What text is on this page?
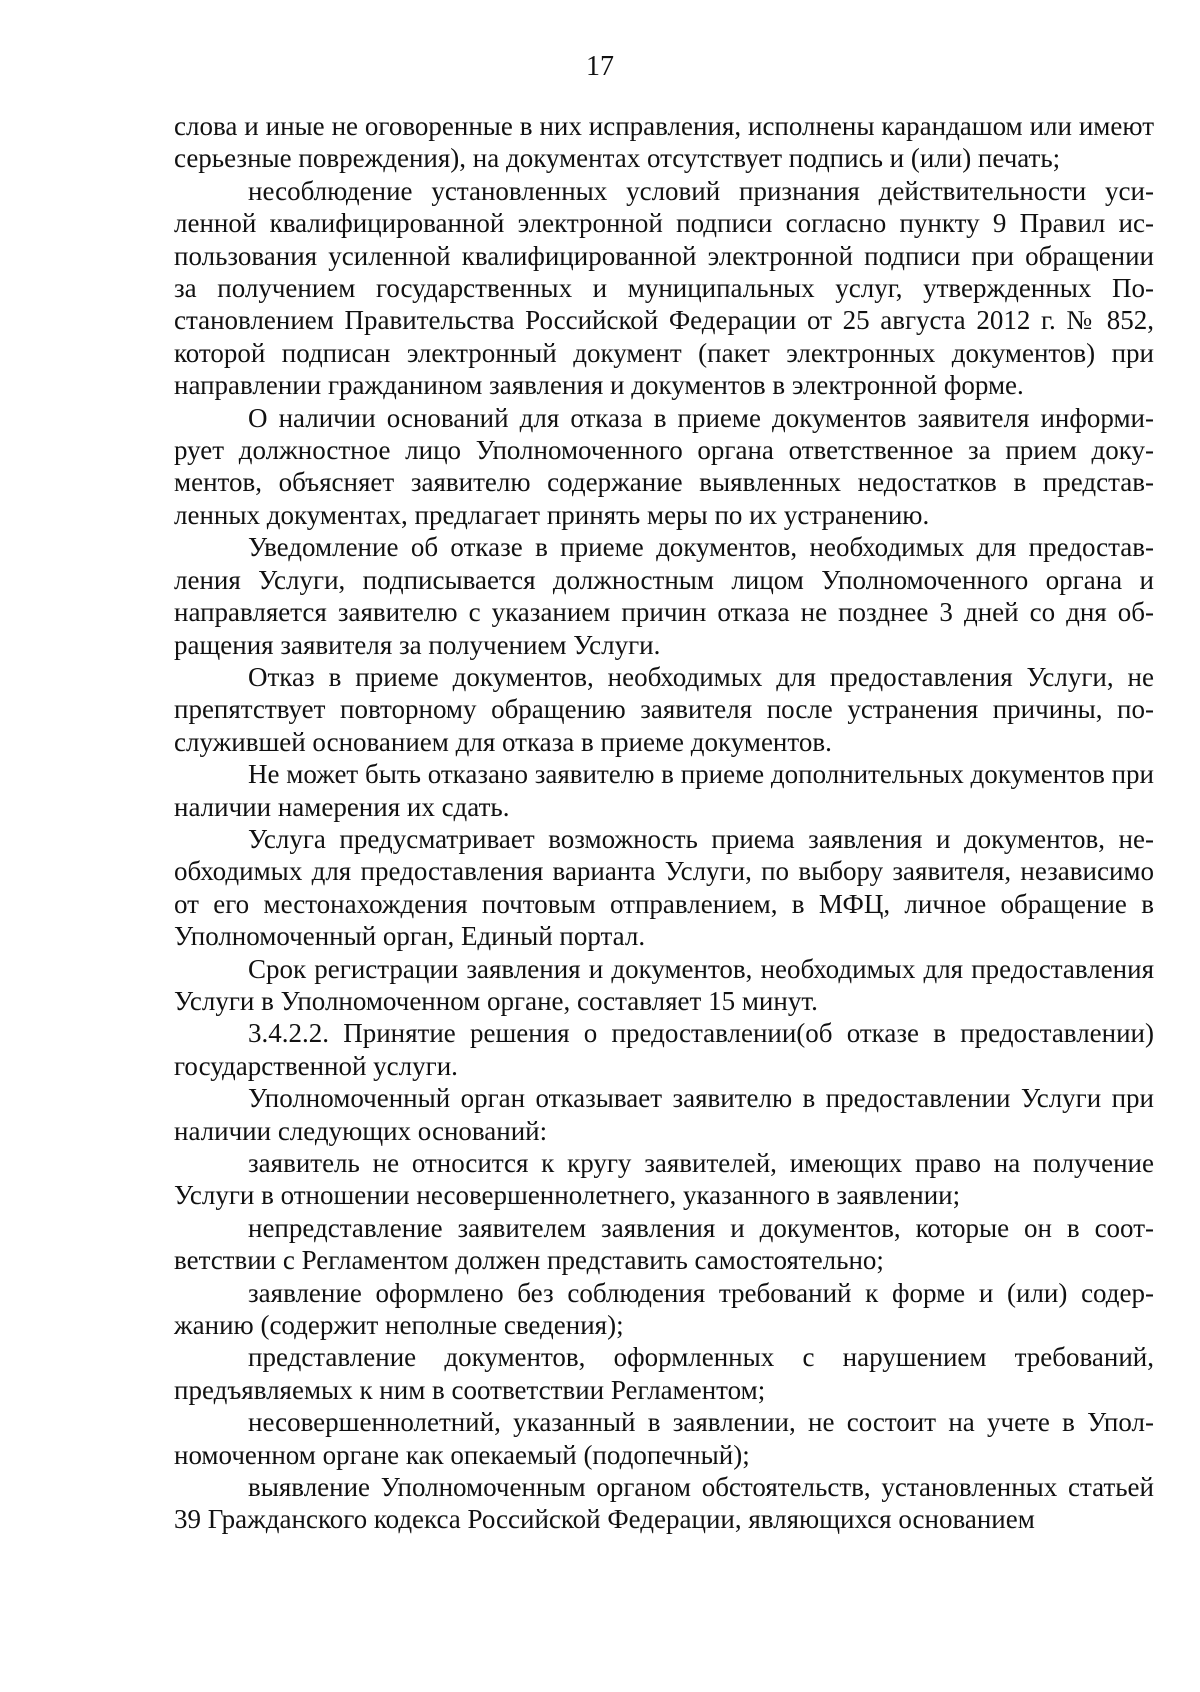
17

слова и иные не оговоренные в них исправления, исполнены карандашом или имеют серьезные повреждения), на документах отсутствует подпись и (или) печать;

несоблюдение установленных условий признания действительности усиленной квалифицированной электронной подписи согласно пункту 9 Правил использования усиленной квалифицированной электронной подписи при обращении за получением государственных и муниципальных услуг, утвержденных Постановлением Правительства Российской Федерации от 25 августа 2012 г. № 852, которой подписан электронный документ (пакет электронных документов) при направлении гражданином заявления и документов в электронной форме.

О наличии оснований для отказа в приеме документов заявителя информирует должностное лицо Уполномоченного органа ответственное за прием документов, объясняет заявителю содержание выявленных недостатков в представленных документах, предлагает принять меры по их устранению.

Уведомление об отказе в приеме документов, необходимых для предоставления Услуги, подписывается должностным лицом Уполномоченного органа и направляется заявителю с указанием причин отказа не позднее 3 дней со дня обращения заявителя за получением Услуги.

Отказ в приеме документов, необходимых для предоставления Услуги, не препятствует повторному обращению заявителя после устранения причины, послужившей основанием для отказа в приеме документов.

Не может быть отказано заявителю в приеме дополнительных документов при наличии намерения их сдать.

Услуга предусматривает возможность приема заявления и документов, необходимых для предоставления варианта Услуги, по выбору заявителя, независимо от его местонахождения почтовым отправлением, в МФЦ, личное обращение в Уполномоченный орган, Единый портал.

Срок регистрации заявления и документов, необходимых для предоставления Услуги в Уполномоченном органе, составляет 15 минут.

3.4.2.2. Принятие решения о предоставлении(об отказе в предоставлении) государственной услуги.

Уполномоченный орган отказывает заявителю в предоставлении Услуги при наличии следующих оснований:

заявитель не относится к кругу заявителей, имеющих право на получение Услуги в отношении несовершеннолетнего, указанного в заявлении;

непредставление заявителем заявления и документов, которые он в соответствии с Регламентом должен представить самостоятельно;

заявление оформлено без соблюдения требований к форме и (или) содержанию (содержит неполные сведения);

представление документов, оформленных с нарушением требований, предъявляемых к ним в соответствии Регламентом;

несовершеннолетний, указанный в заявлении, не состоит на учете в Уполномоченном органе как опекаемый (подопечный);

выявление Уполномоченным органом обстоятельств, установленных статьей 39 Гражданского кодекса Российской Федерации, являющихся основанием
